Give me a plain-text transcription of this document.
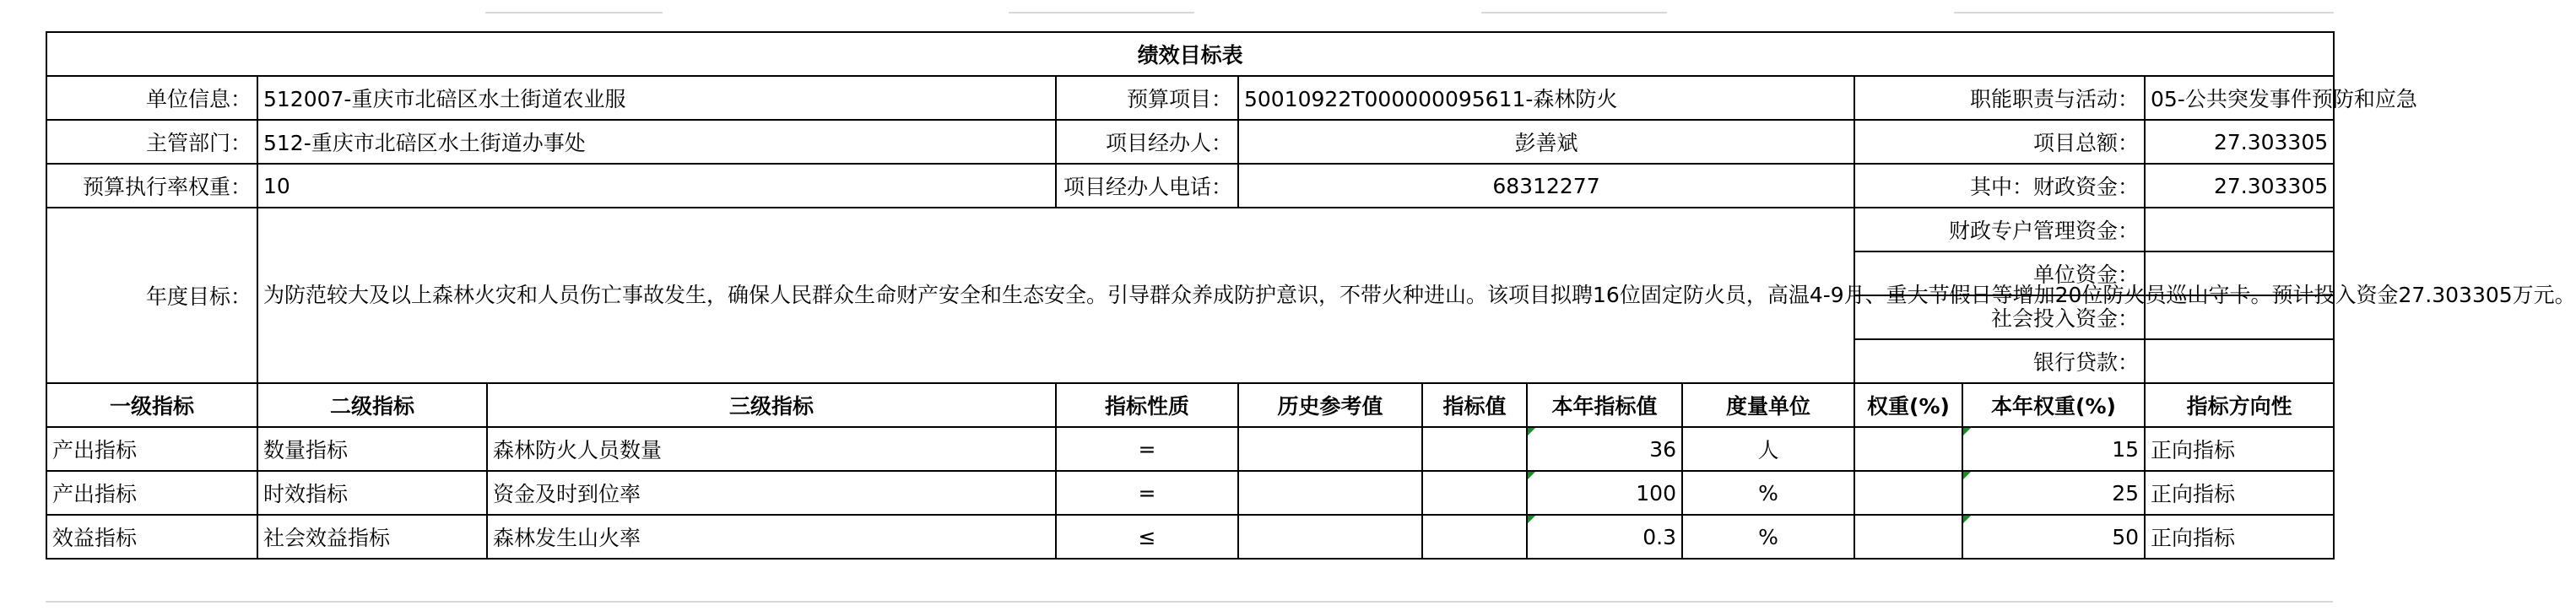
绩效目标表											
单位信息：	512007-重庆市北碚区水土街道农业服		预算项目：	50010922T000000095611-森林防火				职能职责与活动：		05-公共突发事件预防和应急	
主管部门：	512-重庆市北碚区水土街道办事处		项目经办人：	彭善斌				项目总额：		27.303305	
预算执行率权重：	10		项目经办人电话：	68312277				其中：财政资金：		27.303305	
年度目标：	为防范较大及以上森林火灾和人员伤亡事故发生，确保人民群众生命财产安全和生态安全。引导群众养成防护意识，不带火种进山。该项目拟聘16位固定防火员，高温4-9月、重大节假日等增加20位防火员巡山守卡。预计投入资金27.303305万元。							财政专户管理资金：		
								单位资金：		
								社会投入资金：		
								银行贷款：		
一级指标	二级指标	三级指标	指标性质	历史参考值	指标值	本年指标值	度量单位	权重(%)	本年权重(%)	指标方向性	
产出指标	数量指标	森林防火人员数量	=			36	人		15	正向指标	
产出指标	时效指标	资金及时到位率	=			100	%		25	正向指标	
效益指标	社会效益指标	森林发生山火率	≤			0.3	%		50	正向指标	
